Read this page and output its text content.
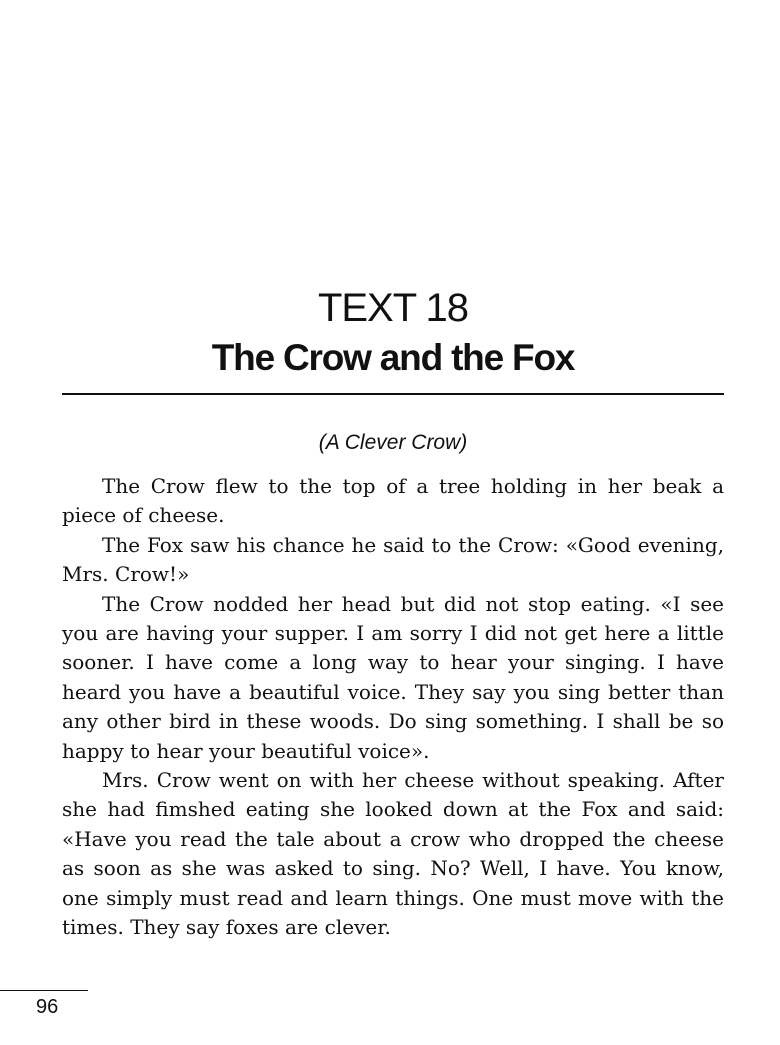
TEXT 18
The Crow and the Fox
(A Clever Crow)

The Crow flew to the top of a tree holding in her beak a piece of cheese.

The Fox saw his chance he said to the Crow: «Good evening, Mrs. Crow!»

The Crow nodded her head but did not stop eating. «I see you are having your supper. I am sorry I did not get here a little sooner. I have come a long way to hear your singing. I have heard you have a beautiful voice. They say you sing better than any other bird in these woods. Do sing something. I shall be so happy to hear your beautiful voice».

Mrs. Crow went on with her cheese without speaking. After she had fimshed eating she looked down at the Fox and said: «Have you read the tale about a crow who dropped the cheese as soon as she was asked to sing. No? Well, I have. You know, one simply must read and learn things. One must move with the times. They say foxes are clever.

96
